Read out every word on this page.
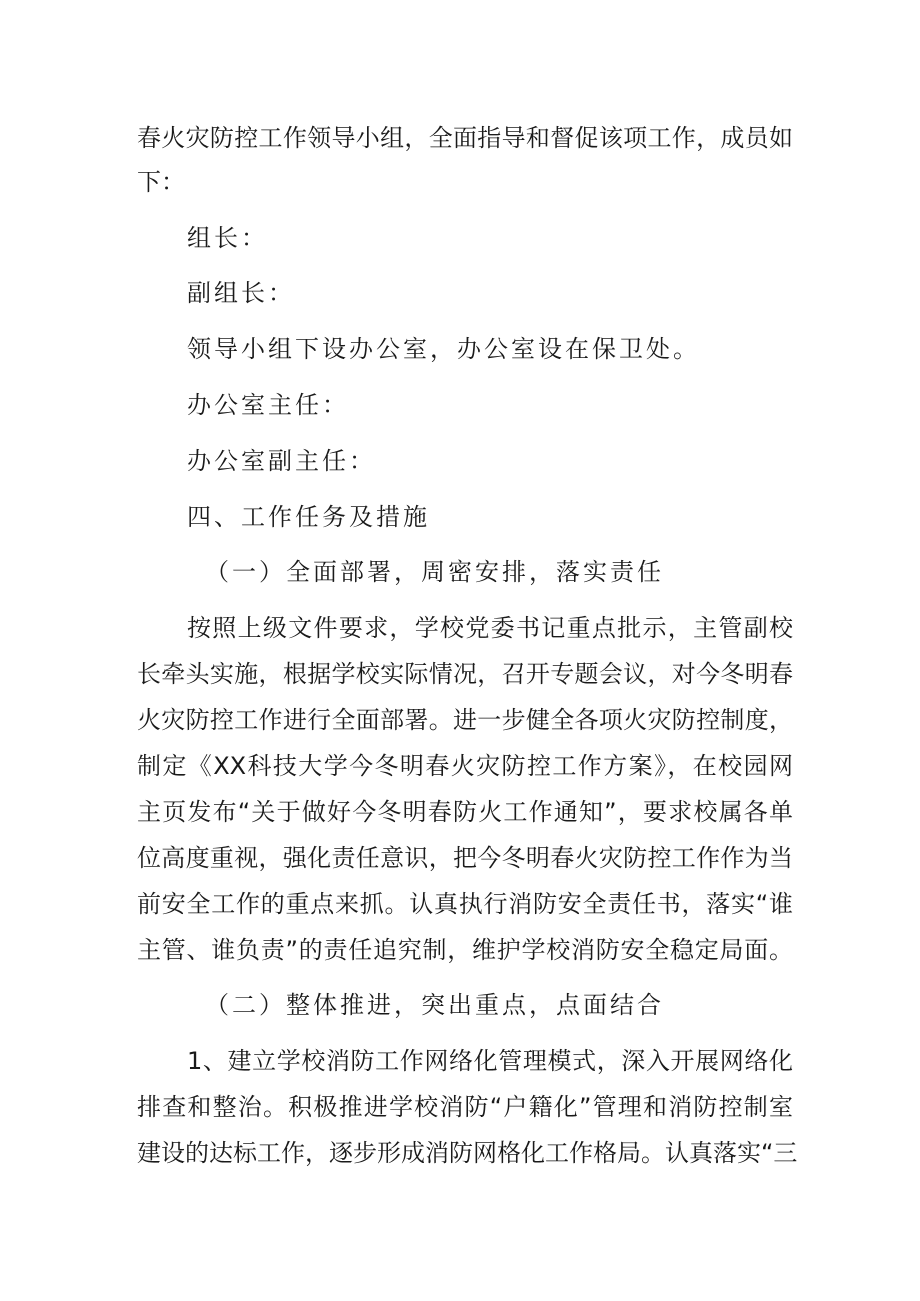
春火灾防控工作领导小组，全面指导和督促该项工作，成员如
下：
组长：
副组长：
领导小组下设办公室，办公室设在保卫处。
办公室主任：
办公室副主任：
四、工作任务及措施
（一）全面部署，周密安排，落实责任
按照上级文件要求，学校党委书记重点批示，主管副校
长牵头实施，根据学校实际情况，召开专题会议，对今冬明春
火灾防控工作进行全面部署。进一步健全各项火灾防控制度，
制定《XX科技大学今冬明春火灾防控工作方案》，在校园网
主页发布“关于做好今冬明春防火工作通知”，要求校属各单
位高度重视，强化责任意识，把今冬明春火灾防控工作作为当
前安全工作的重点来抓。认真执行消防安全责任书，落实“谁
主管、谁负责”的责任追究制，维护学校消防安全稳定局面。
（二）整体推进，突出重点，点面结合
1、建立学校消防工作网络化管理模式，深入开展网络化
排查和整治。积极推进学校消防“户籍化”管理和消防控制室
建设的达标工作，逐步形成消防网格化工作格局。认真落实“三
